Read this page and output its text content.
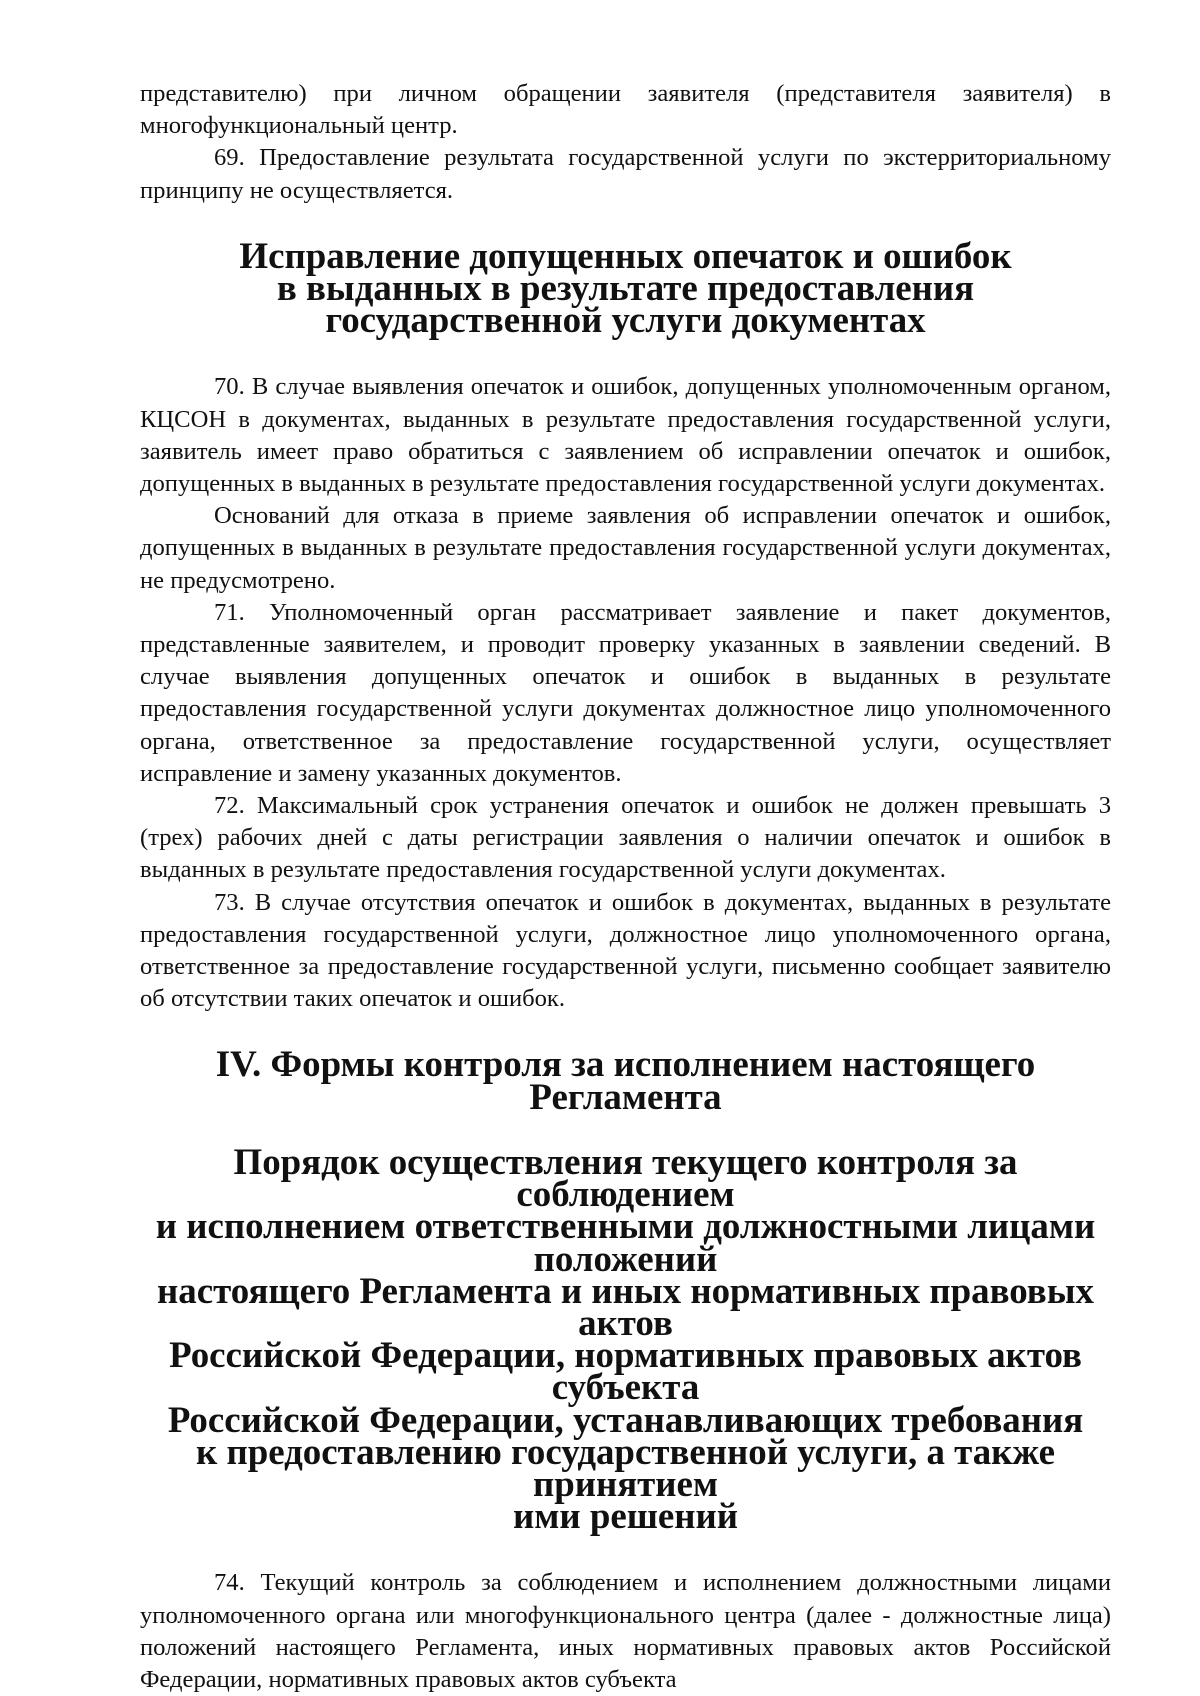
представителю) при личном обращении заявителя (представителя заявителя) в многофункциональный центр.

69. Предоставление результата государственной услуги по экстерриториальному принципу не осуществляется.

Исправление допущенных опечаток и ошибок
в выданных в результате предоставления
государственной услуги документах

70. В случае выявления опечаток и ошибок, допущенных уполномоченным органом, КЦСОН в документах, выданных в результате предоставления государственной услуги, заявитель имеет право обратиться с заявлением об исправлении опечаток и ошибок, допущенных в выданных в результате предоставления государственной услуги документах.

Оснований для отказа в приеме заявления об исправлении опечаток и ошибок, допущенных в выданных в результате предоставления государственной услуги документах, не предусмотрено.

71. Уполномоченный орган рассматривает заявление и пакет документов, представленные заявителем, и проводит проверку указанных в заявлении сведений. В случае выявления допущенных опечаток и ошибок в выданных в результате предоставления государственной услуги документах должностное лицо уполномоченного органа, ответственное за предоставление государственной услуги, осуществляет исправление и замену указанных документов.

72. Максимальный срок устранения опечаток и ошибок не должен превышать 3 (трех) рабочих дней с даты регистрации заявления о наличии опечаток и ошибок в выданных в результате предоставления государственной услуги документах.

73. В случае отсутствия опечаток и ошибок в документах, выданных в результате предоставления государственной услуги, должностное лицо уполномоченного органа, ответственное за предоставление государственной услуги, письменно сообщает заявителю об отсутствии таких опечаток и ошибок.

IV. Формы контроля за исполнением настоящего Регламента
Порядок осуществления текущего контроля за соблюдением
и исполнением ответственными должностными лицами положений
настоящего Регламента и иных нормативных правовых актов
Российской Федерации, нормативных правовых актов субъекта
Российской Федерации, устанавливающих требования
к предоставлению государственной услуги, а также принятием
ими решений

74. Текущий контроль за соблюдением и исполнением должностными лицами уполномоченного органа или многофункционального центра (далее - должностные лица) положений настоящего Регламента, иных нормативных правовых актов Российской Федерации, нормативных правовых актов субъекта
